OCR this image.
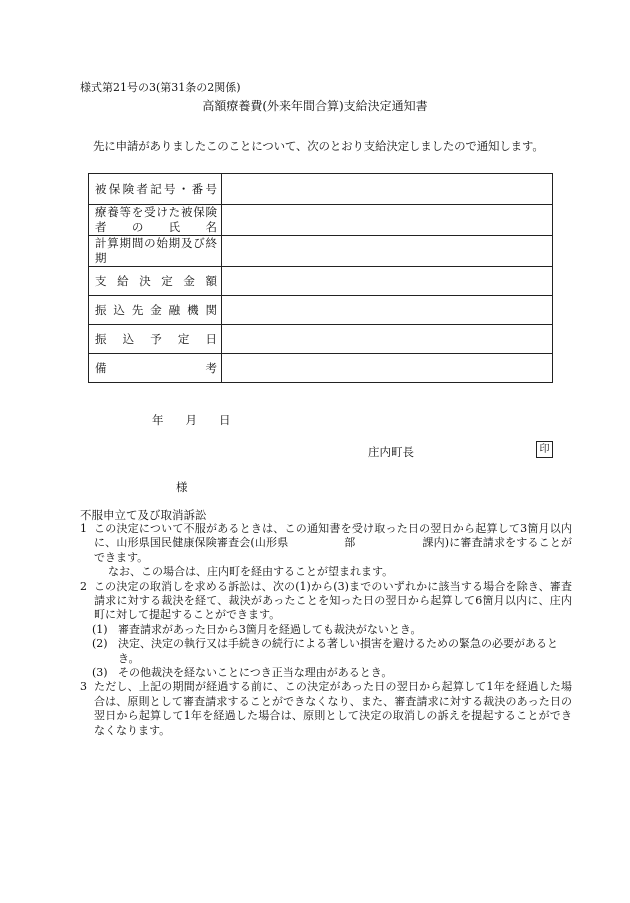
様式第21号の3(第31条の2関係)
高額療養費(外来年間合算)支給決定通知書
先に申請がありましたこのことについて、次のとおり支給決定しましたので通知します。
被保険者記号・番号	

療養等を受けた被保険者の氏名	

計算期間の始期及び終期	

支給決定金額	

振込先金融機関	

振込予定日	

備考	

年 月 日
庄内町長	印
様
不服申立て及び取消訴訟
1 この決定について不服があるときは、この通知書を受け取った日の翌日から起算して3箇月以内に、山形県国民健康保険審査会(山形県　　　　　部　　　　　　課内)に審査請求をすることができます。
なお、この場合は、庄内町を経由することが望まれます。
2 この決定の取消しを求める訴訟は、次の(1)から(3)までのいずれかに該当する場合を除き、審査請求に対する裁決を経て、裁決があったことを知った日の翌日から起算して6箇月以内に、庄内町に対して提起することができます。
(1) 審査請求があった日から3箇月を経過しても裁決がないとき。
(2) 決定、決定の執行又は手続きの続行による著しい損害を避けるための緊急の必要があるとき。
(3) その他裁決を経ないことにつき正当な理由があるとき。
3 ただし、上記の期間が経過する前に、この決定があった日の翌日から起算して1年を経過した場合は、原則として審査請求することができなくなり、また、審査請求に対する裁決のあった日の翌日から起算して1年を経過した場合は、原則として決定の取消しの訴えを提起することができなくなります。
